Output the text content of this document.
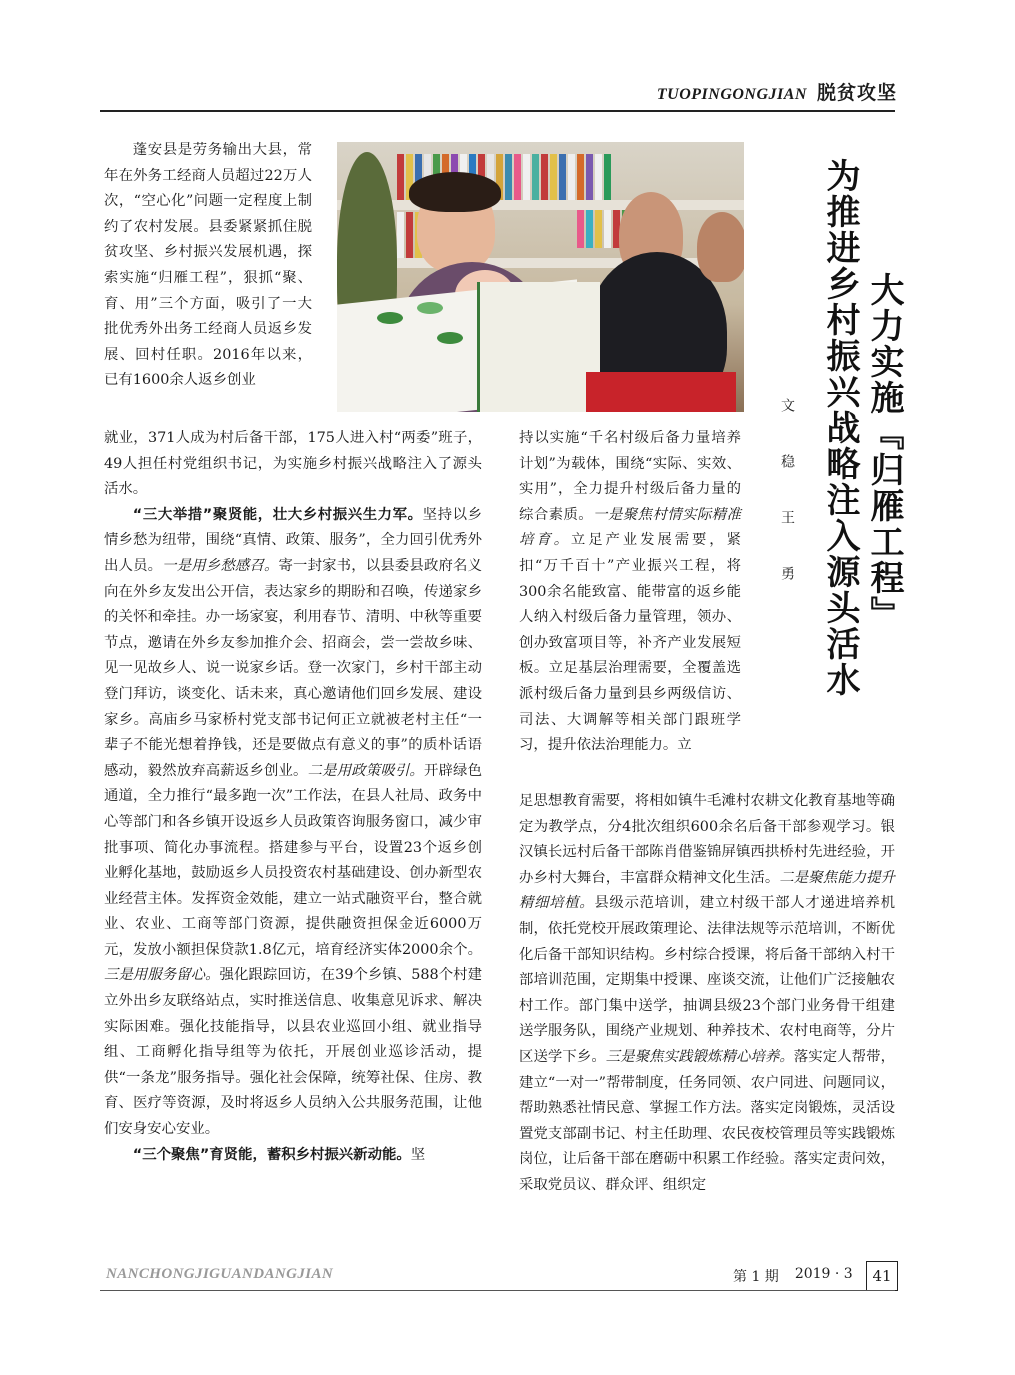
TUOPINGONGJIAN 脱贫攻坚

蓬安县是劳务输出大县，常年在外务工经商人员超过22万人次，“空心化”问题一定程度上制约了农村发展。县委紧紧抓住脱贫攻坚、乡村振兴发展机遇，探索实施“归雁工程”，狠抓“聚、育、用”三个方面，吸引了一大批优秀外出务工经商人员返乡发展、回村任职。2016年以来，已有1600余人返乡创业	大力实施『归雁工程』
为推进乡村振兴战略注入源头活水
文 稳 王 勇

就业，371人成为村后备干部，175人进入村“两委”班子，49人担任村党组织书记，为实施乡村振兴战略注入了源头活水。

“三大举措”聚贤能，壮大乡村振兴生力军。坚持以乡情乡愁为纽带，围绕“真情、政策、服务”，全力回引优秀外出人员。一是用乡愁感召。寄一封家书，以县委县政府名义向在外乡友发出公开信，表达家乡的期盼和召唤，传递家乡的关怀和牵挂。办一场家宴，利用春节、清明、中秋等重要节点，邀请在外乡友参加推介会、招商会，尝一尝故乡味、见一见故乡人、说一说家乡话。登一次家门，乡村干部主动登门拜访，谈变化、话未来，真心邀请他们回乡发展、建设家乡。高庙乡马家桥村党支部书记何正立就被老村主任“一辈子不能光想着挣钱，还是要做点有意义的事”的质朴话语感动，毅然放弃高薪返乡创业。二是用政策吸引。开辟绿色通道，全力推行“最多跑一次”工作法，在县人社局、政务中心等部门和各乡镇开设返乡人员政策咨询服务窗口，减少审批事项、简化办事流程。搭建参与平台，设置23个返乡创业孵化基地，鼓励返乡人员投资农村基础建设、创办新型农业经营主体。发挥资金效能，建立一站式融资平台，整合就业、农业、工商等部门资源，提供融资担保金近6000万元，发放小额担保贷款1.8亿元，培育经济实体2000余个。三是用服务留心。强化跟踪回访，在39个乡镇、588个村建立外出乡友联络站点，实时推送信息、收集意见诉求、解决实际困难。强化技能指导，以县农业巡回小组、就业指导组、工商孵化指导组等为依托，开展创业巡诊活动，提供“一条龙”服务指导。强化社会保障，统筹社保、住房、教育、医疗等资源，及时将返乡人员纳入公共服务范围，让他们安身安心安业。

“三个聚焦”育贤能，蓄积乡村振兴新动能。坚

持以实施“千名村级后备力量培养计划”为载体，围绕“实际、实效、实用”，全力提升村级后备力量的综合素质。一是聚焦村情实际精准培育。立足产业发展需要，紧扣“万千百十”产业振兴工程，将300余名能致富、能带富的返乡能人纳入村级后备力量管理，领办、创办致富项目等，补齐产业发展短板。立足基层治理需要，全覆盖选派村级后备力量到县乡两级信访、司法、大调解等相关部门跟班学习，提升依法治理能力。立

足思想教育需要，将相如镇牛毛滩村农耕文化教育基地等确定为教学点，分4批次组织600余名后备干部参观学习。银汉镇长远村后备干部陈肖借鉴锦屏镇西拱桥村先进经验，开办乡村大舞台，丰富群众精神文化生活。二是聚焦能力提升精细培植。县级示范培训，建立村级干部人才递进培养机制，依托党校开展政策理论、法律法规等示范培训，不断优化后备干部知识结构。乡村综合授课，将后备干部纳入村干部培训范围，定期集中授课、座谈交流，让他们广泛接触农村工作。部门集中送学，抽调县级23个部门业务骨干组建送学服务队，围绕产业规划、种养技术、农村电商等，分片区送学下乡。三是聚焦实践锻炼精心培养。落实定人帮带，建立“一对一”帮带制度，任务同领、农户同进、问题同议，帮助熟悉社情民意、掌握工作方法。落实定岗锻炼，灵活设置党支部副书记、村主任助理、农民夜校管理员等实践锻炼岗位，让后备干部在磨砺中积累工作经验。落实定责问效，采取党员议、群众评、组织定

NANCHONGJIGUANDANGJIAN	第 1 期 2019 · 3	41
